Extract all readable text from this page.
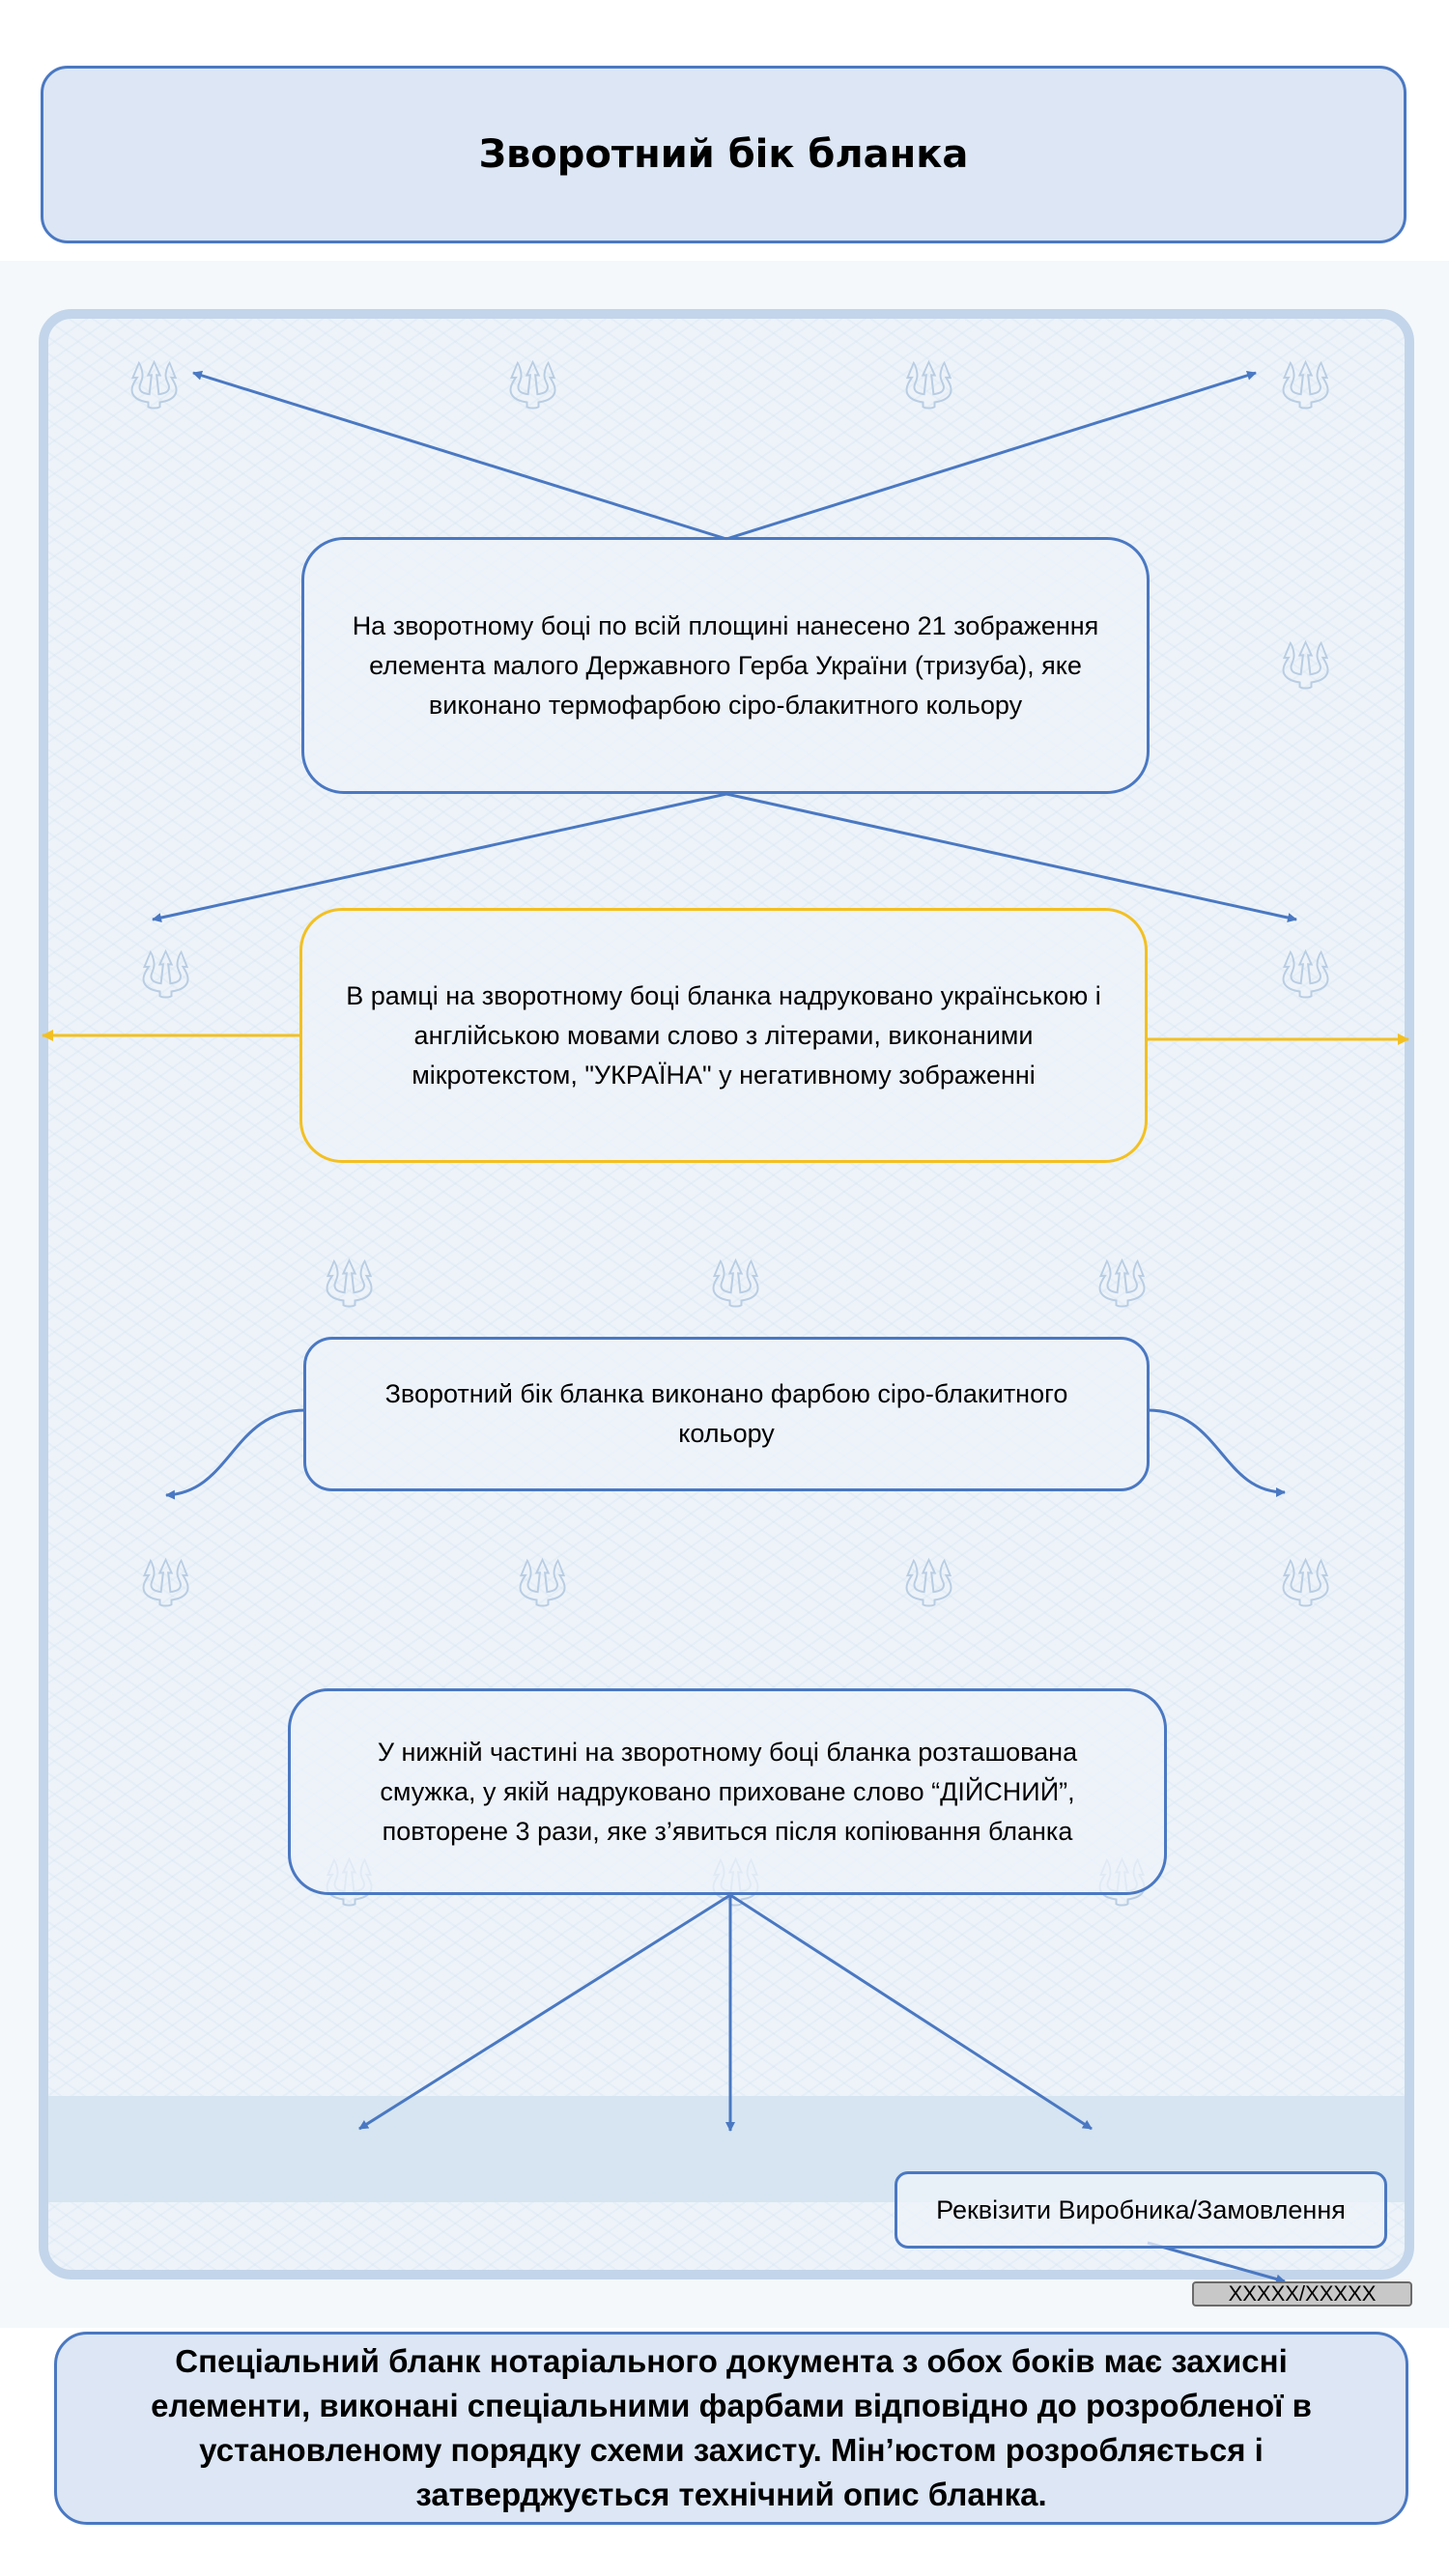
Зворотний бік бланка
🔱︎	🔱︎	🔱︎	🔱︎
🔱︎
🔱︎	🔱︎
🔱︎	🔱︎	🔱︎
🔱︎	🔱︎	🔱︎	🔱︎
На зворотному боці по всій площині нанесено 21 зображення елемента малого Державного Герба України (тризуба), яке виконано термофарбою сіро-блакитного кольору
В рамці на зворотному боці бланка надруковано українською і англійською мовами слово з літерами, виконаними мікротекстом, "УКРАЇНА" у негативному зображенні
Зворотний бік бланка виконано фарбою сіро-блакитного кольору
У нижній частині на зворотному боці бланка розташована смужка, у якій надруковано приховане слово “ДІЙСНИЙ”, повторене 3 рази, яке з’явиться після копіювання бланка
Реквізити Виробника/Замовлення
XXXXX/XXXXX
Спеціальний бланк нотаріального документа з обох боків має захисні елементи, виконані спеціальними фарбами відповідно до розробленої в установленому порядку схеми захисту. Мін’юстом розробляється і затверджується технічний опис бланка.
